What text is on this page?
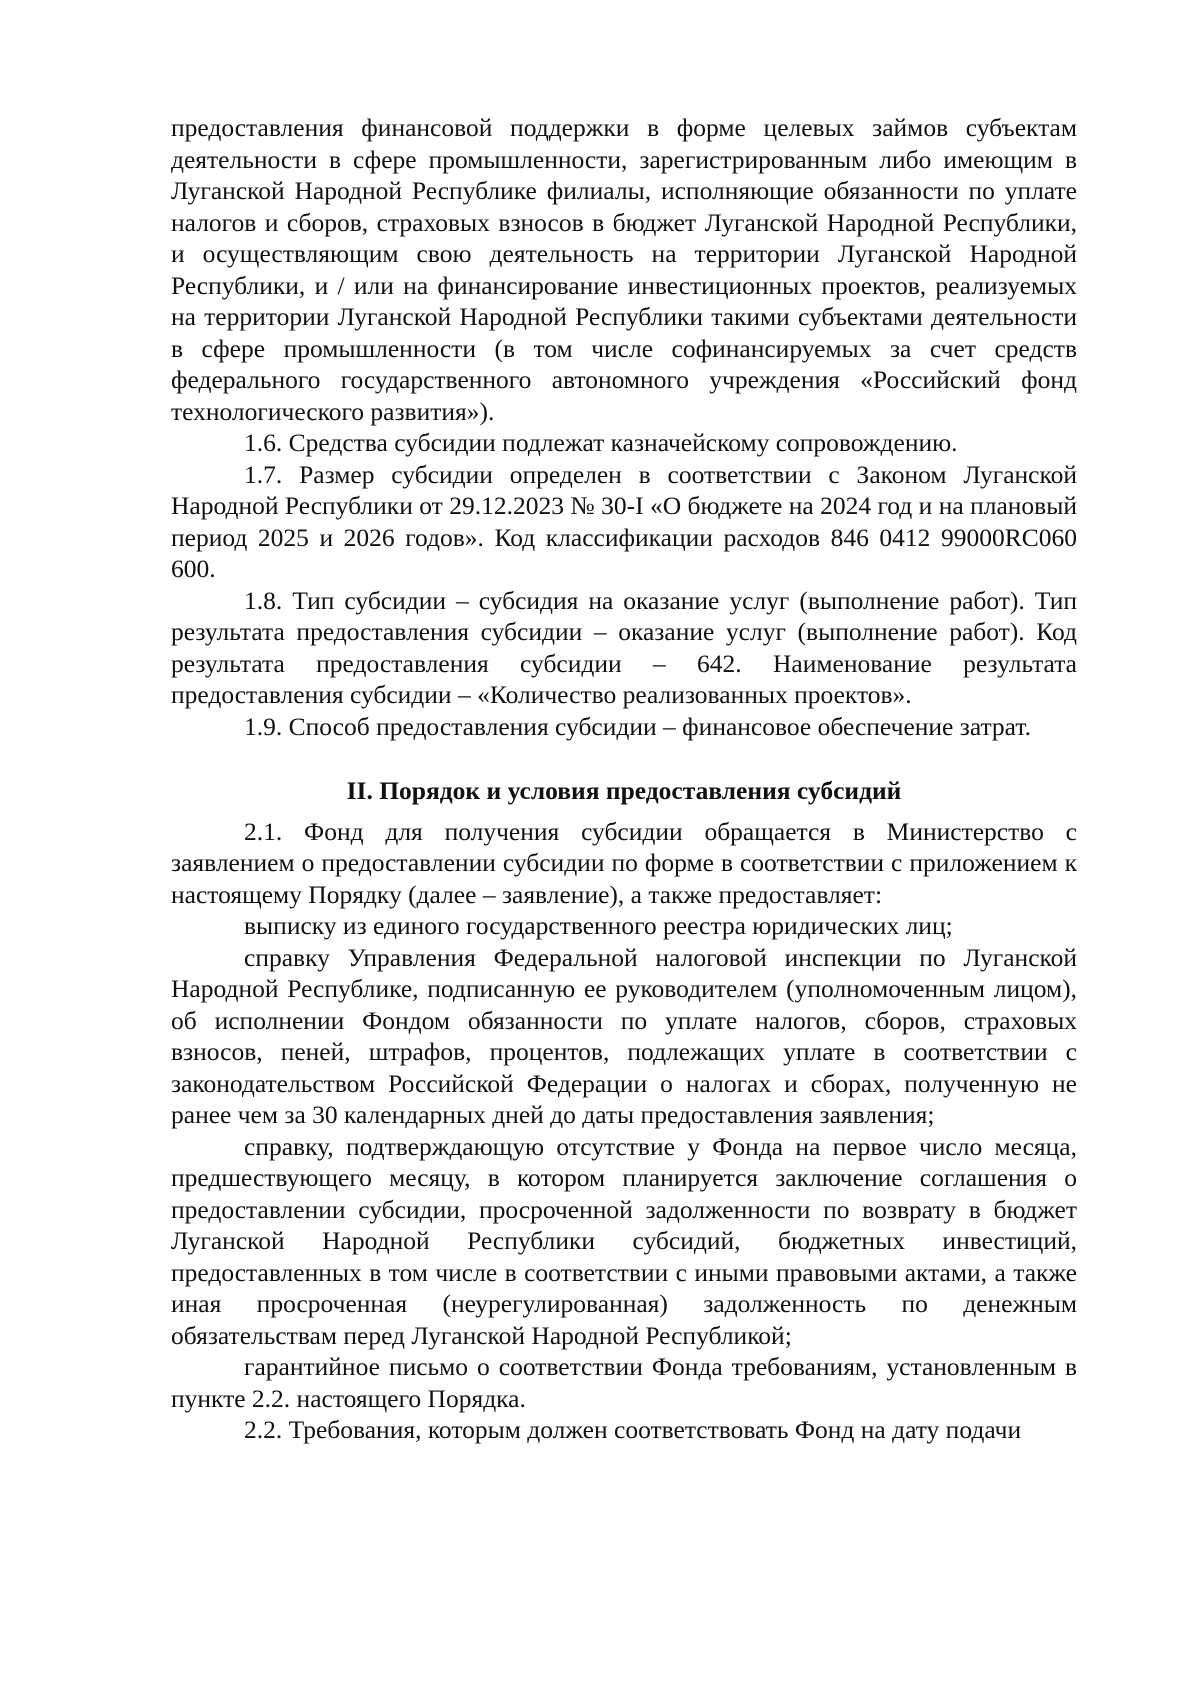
предоставления финансовой поддержки в форме целевых займов субъектам деятельности в сфере промышленности, зарегистрированным либо имеющим в Луганской Народной Республике филиалы, исполняющие обязанности по уплате налогов и сборов, страховых взносов в бюджет Луганской Народной Республики, и осуществляющим свою деятельность на территории Луганской Народной Республики, и / или на финансирование инвестиционных проектов, реализуемых на территории Луганской Народной Республики такими субъектами деятельности в сфере промышленности (в том числе софинансируемых за счет средств федерального государственного автономного учреждения «Российский фонд технологического развития»).

1.6. Средства субсидии подлежат казначейскому сопровождению.

1.7. Размер субсидии определен в соответствии с Законом Луганской Народной Республики от 29.12.2023 № 30-I «О бюджете на 2024 год и на плановый период 2025 и 2026 годов». Код классификации расходов 846 0412 99000RC060 600.

1.8. Тип субсидии – субсидия на оказание услуг (выполнение работ). Тип результата предоставления субсидии – оказание услуг (выполнение работ). Код результата предоставления субсидии – 642. Наименование результата предоставления субсидии – «Количество реализованных проектов».

1.9. Способ предоставления субсидии – финансовое обеспечение затрат.

II. Порядок и условия предоставления субсидий

2.1. Фонд для получения субсидии обращается в Министерство с заявлением о предоставлении субсидии по форме в соответствии с приложением к настоящему Порядку (далее – заявление), а также предоставляет:

выписку из единого государственного реестра юридических лиц;

справку Управления Федеральной налоговой инспекции по Луганской Народной Республике, подписанную ее руководителем (уполномоченным лицом), об исполнении Фондом обязанности по уплате налогов, сборов, страховых взносов, пеней, штрафов, процентов, подлежащих уплате в соответствии с законодательством Российской Федерации о налогах и сборах, полученную не ранее чем за 30 календарных дней до даты предоставления заявления;

справку, подтверждающую отсутствие у Фонда на первое число месяца, предшествующего месяцу, в котором планируется заключение соглашения о предоставлении субсидии, просроченной задолженности по возврату в бюджет Луганской Народной Республики субсидий, бюджетных инвестиций, предоставленных в том числе в соответствии с иными правовыми актами, а также иная просроченная (неурегулированная) задолженность по денежным обязательствам перед Луганской Народной Республикой;

гарантийное письмо о соответствии Фонда требованиям, установленным в пункте 2.2. настоящего Порядка.

2.2. Требования, которым должен соответствовать Фонд на дату подачи
